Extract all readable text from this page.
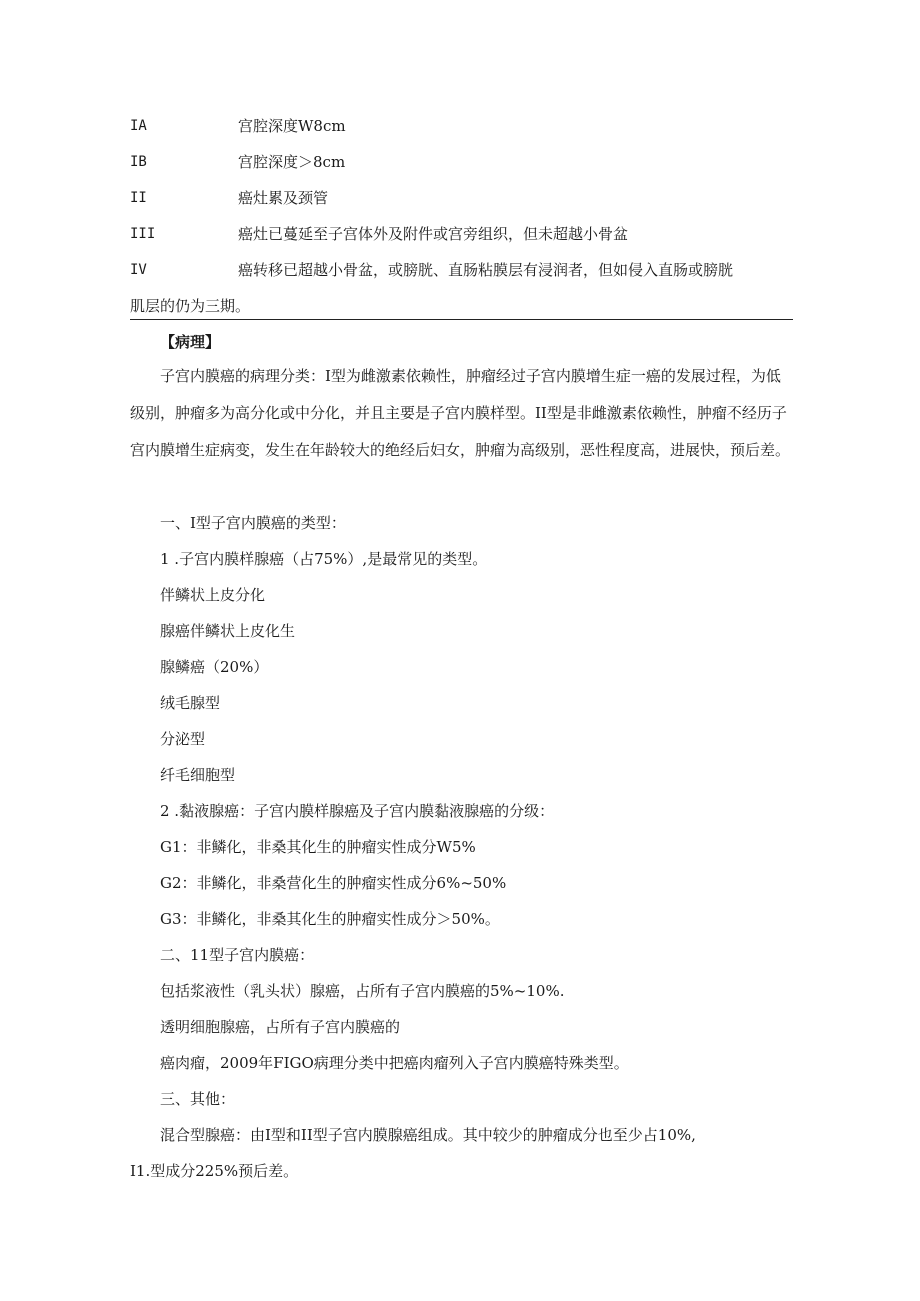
IA	宫腔深度W8cm
IB	宫腔深度＞8cm
II	癌灶累及颈管
III	癌灶已蔓延至子宫体外及附件或宫旁组织，但未超越小骨盆
IV	癌转移已超越小骨盆，或膀胱、直肠粘膜层有浸润者，但如侵入直肠或膀胱
肌层的仍为三期。
【病理】
子宫内膜癌的病理分类：I型为雌激素依赖性，肿瘤经过子宫内膜增生症一癌的发展过程，为低级别，肿瘤多为高分化或中分化，并且主要是子宫内膜样型。II型是非雌激素依赖性，肿瘤不经历子宫内膜增生症病变，发生在年龄较大的绝经后妇女，肿瘤为高级别，恶性程度高，进展快，预后差。
一、I型子宫内膜癌的类型：
1 .子宫内膜样腺癌（占75%）,是最常见的类型。
伴鳞状上皮分化
腺癌伴鳞状上皮化生
腺鳞癌（20%）
绒毛腺型
分泌型
纤毛细胞型
2 .黏液腺癌：子宫内膜样腺癌及子宫内膜黏液腺癌的分级：
G1：非鳞化，非桑其化生的肿瘤实性成分W5%
G2：非鳞化，非桑营化生的肿瘤实性成分6%~50%
G3：非鳞化，非桑其化生的肿瘤实性成分＞50%。
二、11型子宫内膜癌：
包括浆液性（乳头状）腺癌，占所有子宫内膜癌的5%~10%.
透明细胞腺癌，占所有子宫内膜癌的
癌肉瘤，2009年FIGO病理分类中把癌肉瘤列入子宫内膜癌特殊类型。
三、其他：
混合型腺癌：由I型和II型子宫内膜腺癌组成。其中较少的肿瘤成分也至少占10%,
I1.型成分225%预后差。
